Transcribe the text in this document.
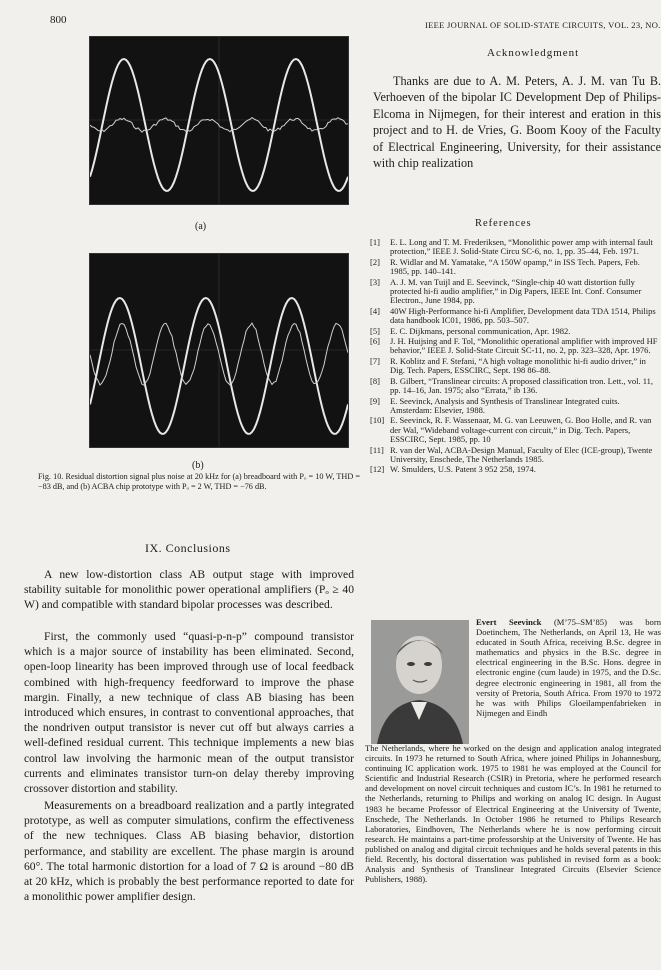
800	IEEE JOURNAL OF SOLID-STATE CIRCUITS, VOL. 23, NO.
(a)
(b)
Fig. 10. Residual distortion signal plus noise at 20 kHz for (a) breadboard with Pₒ = 10 W, THD = −83 dB, and (b) ACBA chip prototype with Pₒ = 2 W, THD = −76 dB.
IX. Conclusions
A new low-distortion class AB output stage with improved stability suitable for monolithic power operational amplifiers (Pₒ ≥ 40 W) and compatible with standard bipolar processes was described.
First, the commonly used “quasi-p-n-p” compound transistor which is a major source of instability has been eliminated. Second, open-loop linearity has been improved through use of local feedback combined with high-frequency feedforward to improve the phase margin. Finally, a new technique of class AB biasing has been introduced which ensures, in contrast to conventional approaches, that the nondriven output transistor is never cut off but always carries a well-defined residual current. This technique implements a new bias control law involving the harmonic mean of the output transistor currents and eliminates transistor turn-on delay thereby improving crossover distortion and stability.
Measurements on a breadboard realization and a partly integrated prototype, as well as computer simulations, confirm the effectiveness of the new techniques. Class AB biasing behavior, distortion performance, and stability are excellent. The phase margin is around 60°. The total harmonic distortion for a load of 7 Ω is around −80 dB at 20 kHz, which is probably the best performance reported to date for a monolithic power amplifier design.
Acknowledgment
Thanks are due to A. M. Peters, A. J. M. van Tu B. Verhoeven of the bipolar IC Development Dep of Philips-Elcoma in Nijmegen, for their interest and eration in this project and to H. de Vries, G. Boom Kooy of the Faculty of Electrical Engineering, University, for their assistance with chip realization
References
[1]	E. L. Long and T. M. Frederiksen, “Monolithic power amp with internal fault protection,” IEEE J. Solid-State Circu SC-6, no. 1, pp. 35–44, Feb. 1971.
[2]	R. Widlar and M. Yamatake, “A 150W opamp,” in ISS Tech. Papers, Feb. 1985, pp. 140–141.
[3]	A. J. M. van Tuijl and E. Seevinck, “Single-chip 40 watt distortion fully protected hi-fi audio amplifier,” in Dig Papers, IEEE Int. Conf. Consumer Electron., June 1984, pp.
[4]	40W High-Performance hi-fi Amplifier, Development data TDA 1514, Philips data handbook IC01, 1986, pp. 503–507.
[5]	E. C. Dijkmans, personal communication, Apr. 1982.
[6]	J. H. Huijsing and F. Tol, “Monolithic operational amplifier with improved HF behavior,” IEEE J. Solid-State Circuit SC-11, no. 2, pp. 323–328, Apr. 1976.
[7]	R. Koblitz and F. Stefani, “A high voltage monolithic hi-fi audio driver,” in Dig. Tech. Papers, ESSCIRC, Sept. 198 86–88.
[8]	B. Gilbert, “Translinear circuits: A proposed classification tron. Lett., vol. 11, pp. 14–16, Jan. 1975; also “Errata,” ib 136.
[9]	E. Seevinck, Analysis and Synthesis of Translinear Integrated cuits. Amsterdam: Elsevier, 1988.
[10] E. Seevinck, R. F. Wassenaar, M. G. van Leeuwen, G. Boo Holle, and R. van der Wal, “Wideband voltage-current con circuit,” in Dig. Tech. Papers, ESSCIRC, Sept. 1985, pp. 10
[11] R. van der Wal, ACBA-Design Manual, Faculty of Elec (ICE-group), Twente University, Enschede, The Netherlands 1985.
[12] W. Smulders, U.S. Patent 3 952 258, 1974.
Evert Seevinck (M’75–SM’85) was born Doetinchem, The Netherlands, on April 13, He was educated in South Africa, receiving B.Sc. degree in mathematics and physics in the B.Sc. degree in electrical engineering in the B.Sc. Hons. degree in electronic engine (cum laude) in 1975, and the D.Sc. degree electronic engineering in 1981, all from the versity of Pretoria, South Africa. From 1970 to 1972 he was with Philips Gloeilampenfabrieken in Nijmegen and Eindh
The Netherlands, where he worked on the design and application analog integrated circuits. In 1973 he returned to South Africa, where joined Philips in Johannesburg, continuing IC application work. 1975 to 1981 he was employed at the Council for Scientific and Industrial Research (CSIR) in Pretoria, where he performed research and development on novel circuit techniques and custom IC’s. In 1981 he returned to the Netherlands, returning to Philips and working on analog IC design. In August 1983 he became Professor of Electrical Engineering at the University of Twente, Enschede, The Netherlands. In October 1986 he returned to Philips Research Laboratories, Eindhoven, The Netherlands where he is now performing circuit research. He maintains a part-time professorship at the University of Twente. He has published on analog and digital circuit techniques and he holds several patents in this field. Recently, his doctoral dissertation was published in revised form as a book: Analysis and Synthesis of Translinear Integrated Circuits (Elsevier Science Publishers, 1988).
